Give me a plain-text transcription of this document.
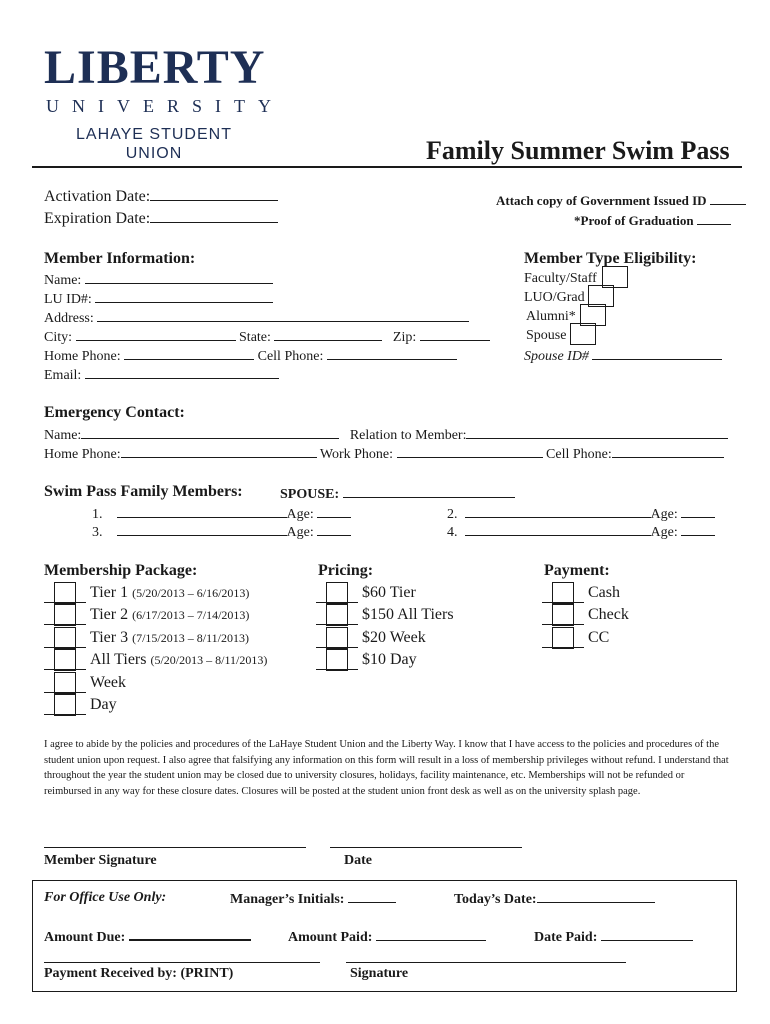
LIBERTY
UNIVERSITY
LAHAYE STUDENT
UNION	Family Summer Swim Pass
Activation Date:
Expiration Date:
Attach copy of Government Issued ID
*Proof of Graduation
Member Information:
Name:
LU ID#:
Address:
City:	State:	Zip:
Home Phone:	Cell Phone:
Email:
Member Type Eligibility:
Faculty/Staff
LUO/Grad
Alumni*
Spouse
Spouse ID#
Emergency Contact:
Name:	Relation to Member:
Home Phone:	Work Phone:	Cell Phone:
Swim Pass Family Members:	SPOUSE:
1.	Age:
3.	Age:
2.	Age:
4.	Age:
Membership Package:
Tier 1 (5/20/2013 – 6/16/2013)
Tier 2 (6/17/2013 – 7/14/2013)
Tier 3 (7/15/2013 – 8/11/2013)
All Tiers (5/20/2013 – 8/11/2013)
Week
Day
Pricing:
$60 Tier
$150 All Tiers
$20 Week
$10 Day
Payment:
Cash
Check
CC
I agree to abide by the policies and procedures of the LaHaye Student Union and the Liberty Way. I know that I have access to the policies and procedures of the student union upon request. I also agree that falsifying any information on this form will result in a loss of membership privileges without refund. I understand that throughout the year the student union may be closed due to university closures, holidays, facility maintenance, etc. Memberships will not be refunded or reimbursed in any way for these closure dates. Closures will be posted at the student union front desk as well as on the university splash page.
Member Signature	Date
For Office Use Only:	Manager’s Initials:	Today’s Date:
Amount Due:	Amount Paid:	Date Paid:
Payment Received by: (PRINT)	Signature
